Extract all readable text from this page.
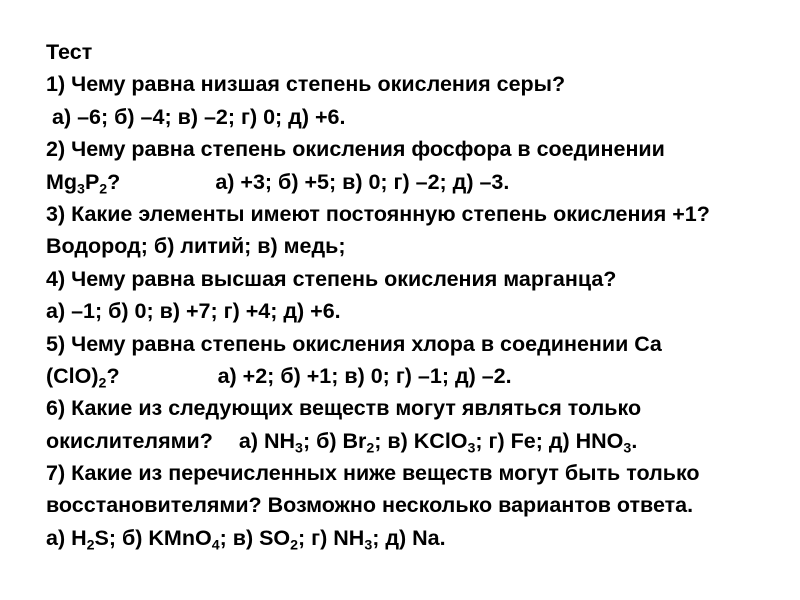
Тест
1) Чему равна низшая степень окисления серы?
а) –6; б) –4; в) –2; г) 0; д) +6.
2) Чему равна степень окисления фосфора в соединении
$Mg_3P_2$?	а) +3; б) +5; в) 0; г) –2; д) –3.
3) Какие элементы имеют постоянную степень окисления +1?
Водород; б) литий; в) медь;
4) Чему равна высшая степень окисления марганца?
а) –1; б) 0; в) +7; г) +4; д) +6.
5) Чему равна степень окисления хлора в соединении Ca
$(ClO)_2$?	а) +2; б) +1; в) 0; г) –1; д) –2.
6) Какие из следующих веществ могут являться только
окислителями? а) $NH_3$; б) $Br_2$; в) KClO$_3$; г) Fe; д) $HNO_3$.
7) Какие из перечисленных ниже веществ могут быть только
восстановителями? Возможно несколько вариантов ответа.
а) $H_2S$; б) KMnO$_4$; в) $SO_2$; г) $NH_3$; д) Na.
